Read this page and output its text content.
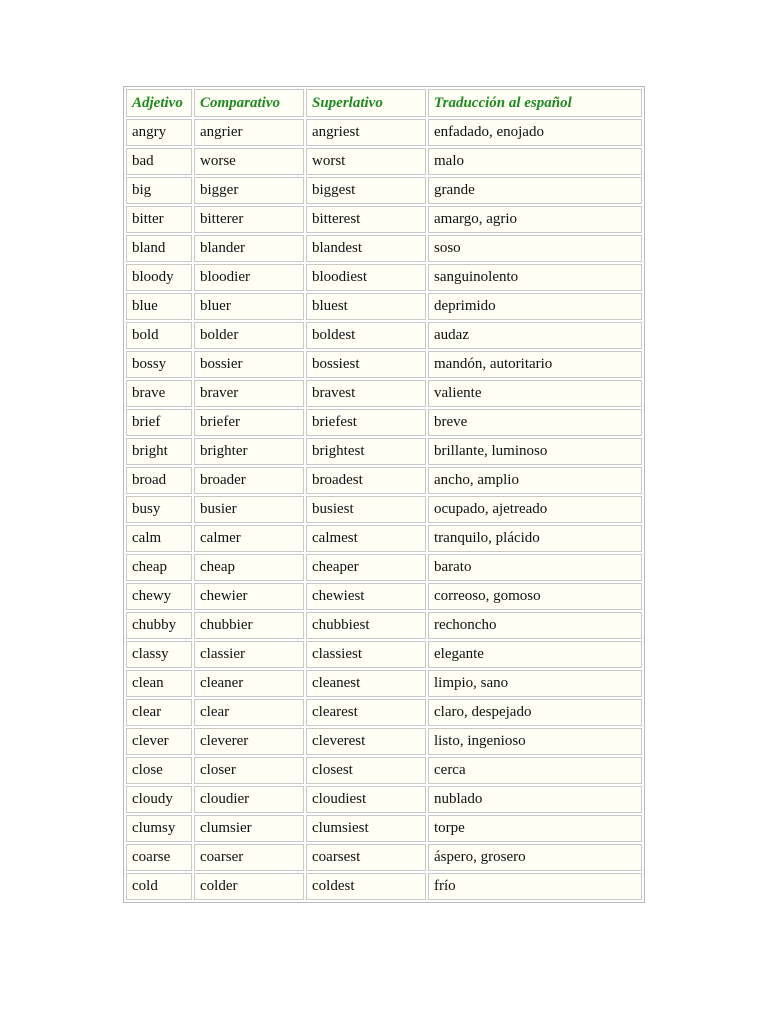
Adjetivo	Comparativo	Superlativo	Traducción al español
angry	angrier	angriest	enfadado, enojado
bad	worse	worst	malo
big	bigger	biggest	grande
bitter	bitterer	bitterest	amargo, agrio
bland	blander	blandest	soso
bloody	bloodier	bloodiest	sanguinolento
blue	bluer	bluest	deprimido
bold	bolder	boldest	audaz
bossy	bossier	bossiest	mandón, autoritario
brave	braver	bravest	valiente
brief	briefer	briefest	breve
bright	brighter	brightest	brillante, luminoso
broad	broader	broadest	ancho, amplio
busy	busier	busiest	ocupado, ajetreado
calm	calmer	calmest	tranquilo, plácido
cheap	cheap	cheaper	barato
chewy	chewier	chewiest	correoso, gomoso
chubby	chubbier	chubbiest	rechoncho
classy	classier	classiest	elegante
clean	cleaner	cleanest	limpio, sano
clear	clear	clearest	claro, despejado
clever	cleverer	cleverest	listo, ingenioso
close	closer	closest	cerca
cloudy	cloudier	cloudiest	nublado
clumsy	clumsier	clumsiest	torpe
coarse	coarser	coarsest	áspero, grosero
cold	colder	coldest	frío
